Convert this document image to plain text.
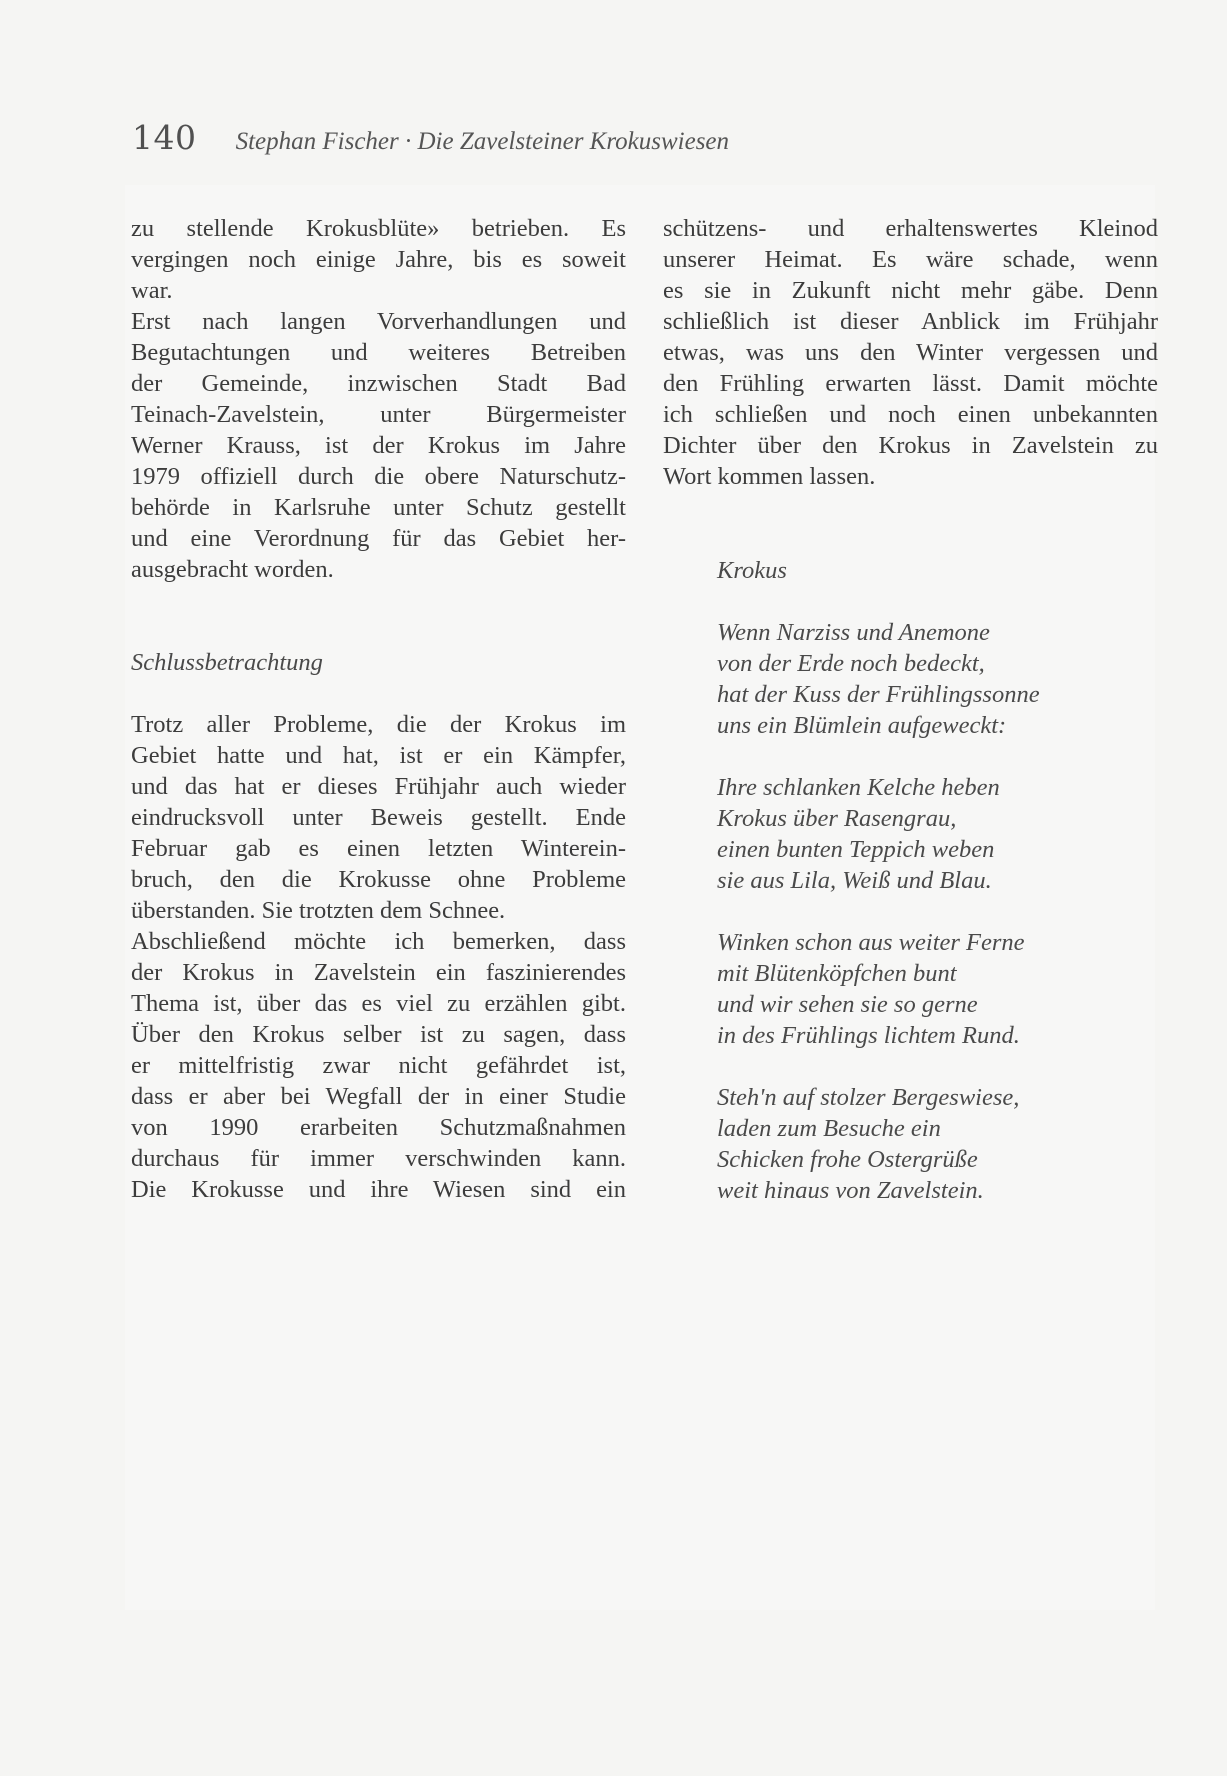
140 Stephan Fischer · Die Zavelsteiner Krokuswiesen
zu stellende Krokusblüte» betrieben. Es
vergingen noch einige Jahre, bis es soweit
war.
Erst nach langen Vorverhandlungen und
Begutachtungen und weiteres Betreiben
der Gemeinde, inzwischen Stadt Bad
Teinach-Zavelstein, unter Bürgermeister
Werner Krauss, ist der Krokus im Jahre
1979 offiziell durch die obere Naturschutz-
behörde in Karlsruhe unter Schutz gestellt
und eine Verordnung für das Gebiet her-
ausgebracht worden.
Schlussbetrachtung
Trotz aller Probleme, die der Krokus im
Gebiet hatte und hat, ist er ein Kämpfer,
und das hat er dieses Frühjahr auch wieder
eindrucksvoll unter Beweis gestellt. Ende
Februar gab es einen letzten Winterein-
bruch, den die Krokusse ohne Probleme
überstanden. Sie trotzten dem Schnee.
Abschließend möchte ich bemerken, dass
der Krokus in Zavelstein ein faszinierendes
Thema ist, über das es viel zu erzählen gibt.
Über den Krokus selber ist zu sagen, dass
er mittelfristig zwar nicht gefährdet ist,
dass er aber bei Wegfall der in einer Studie
von 1990 erarbeiten Schutzmaßnahmen
durchaus für immer verschwinden kann.
Die Krokusse und ihre Wiesen sind ein
schützens- und erhaltenswertes Kleinod
unserer Heimat. Es wäre schade, wenn
es sie in Zukunft nicht mehr gäbe. Denn
schließlich ist dieser Anblick im Frühjahr
etwas, was uns den Winter vergessen und
den Frühling erwarten lässt. Damit möchte
ich schließen und noch einen unbekannten
Dichter über den Krokus in Zavelstein zu
Wort kommen lassen.
Krokus
Wenn Narziss und Anemone
von der Erde noch bedeckt,
hat der Kuss der Frühlingssonne
uns ein Blümlein aufgeweckt:
Ihre schlanken Kelche heben
Krokus über Rasengrau,
einen bunten Teppich weben
sie aus Lila, Weiß und Blau.
Winken schon aus weiter Ferne
mit Blütenköpfchen bunt
und wir sehen sie so gerne
in des Frühlings lichtem Rund.
Steh'n auf stolzer Bergeswiese,
laden zum Besuche ein
Schicken frohe Ostergrüße
weit hinaus von Zavelstein.
